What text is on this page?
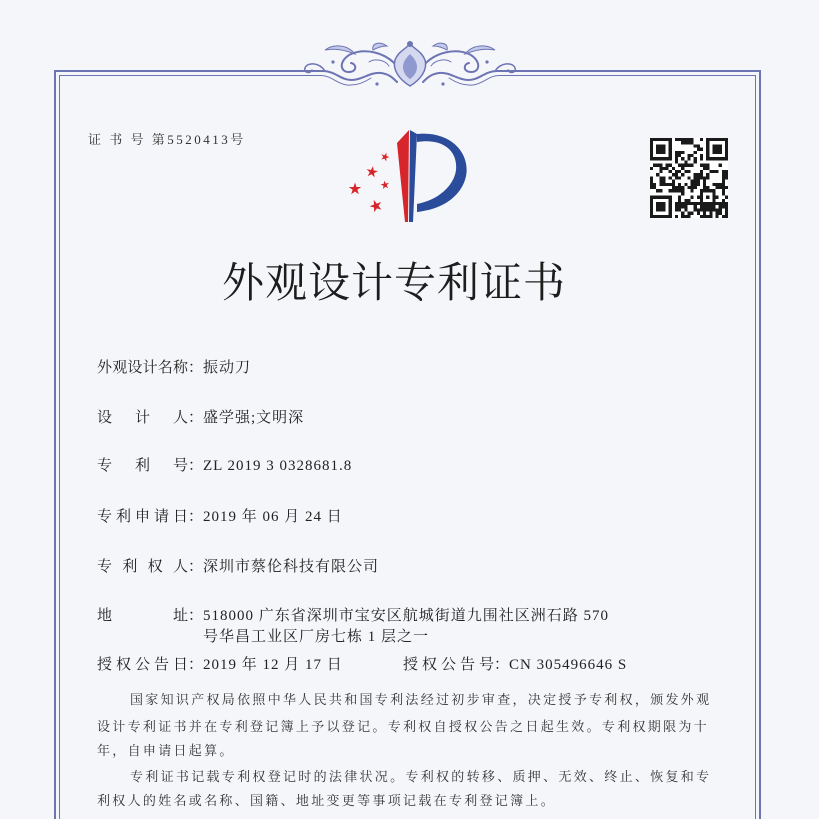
证 书 号 第5520413号
外观设计专利证书
外 观 设 计 名 称 ： 振动刀
设 计 人 ： 盛学强;文明深
专 利 号 ： ZL 2019 3 0328681.8
专 利 申 请 日 ： 2019 年 06 月 24 日
专 利 权 人 ： 深圳市蔡伦科技有限公司
地	址 ： 518000 广东省深圳市宝安区航城街道九围社区洲石路 570
号华昌工业区厂房七栋 1 层之一
授 权 公 告 日 ： 2019 年 12 月 17 日	授 权 公 告 号 ： CN 305496646 S
国家知识产权局依照中华人民共和国专利法经过初步审查，决定授予专利权，颁发外观
设计专利证书并在专利登记簿上予以登记。专利权自授权公告之日起生效。专利权期限为十
年，自申请日起算。
专利证书记载专利权登记时的法律状况。专利权的转移、质押、无效、终止、恢复和专
利权人的姓名或名称、国籍、地址变更等事项记载在专利登记簿上。
